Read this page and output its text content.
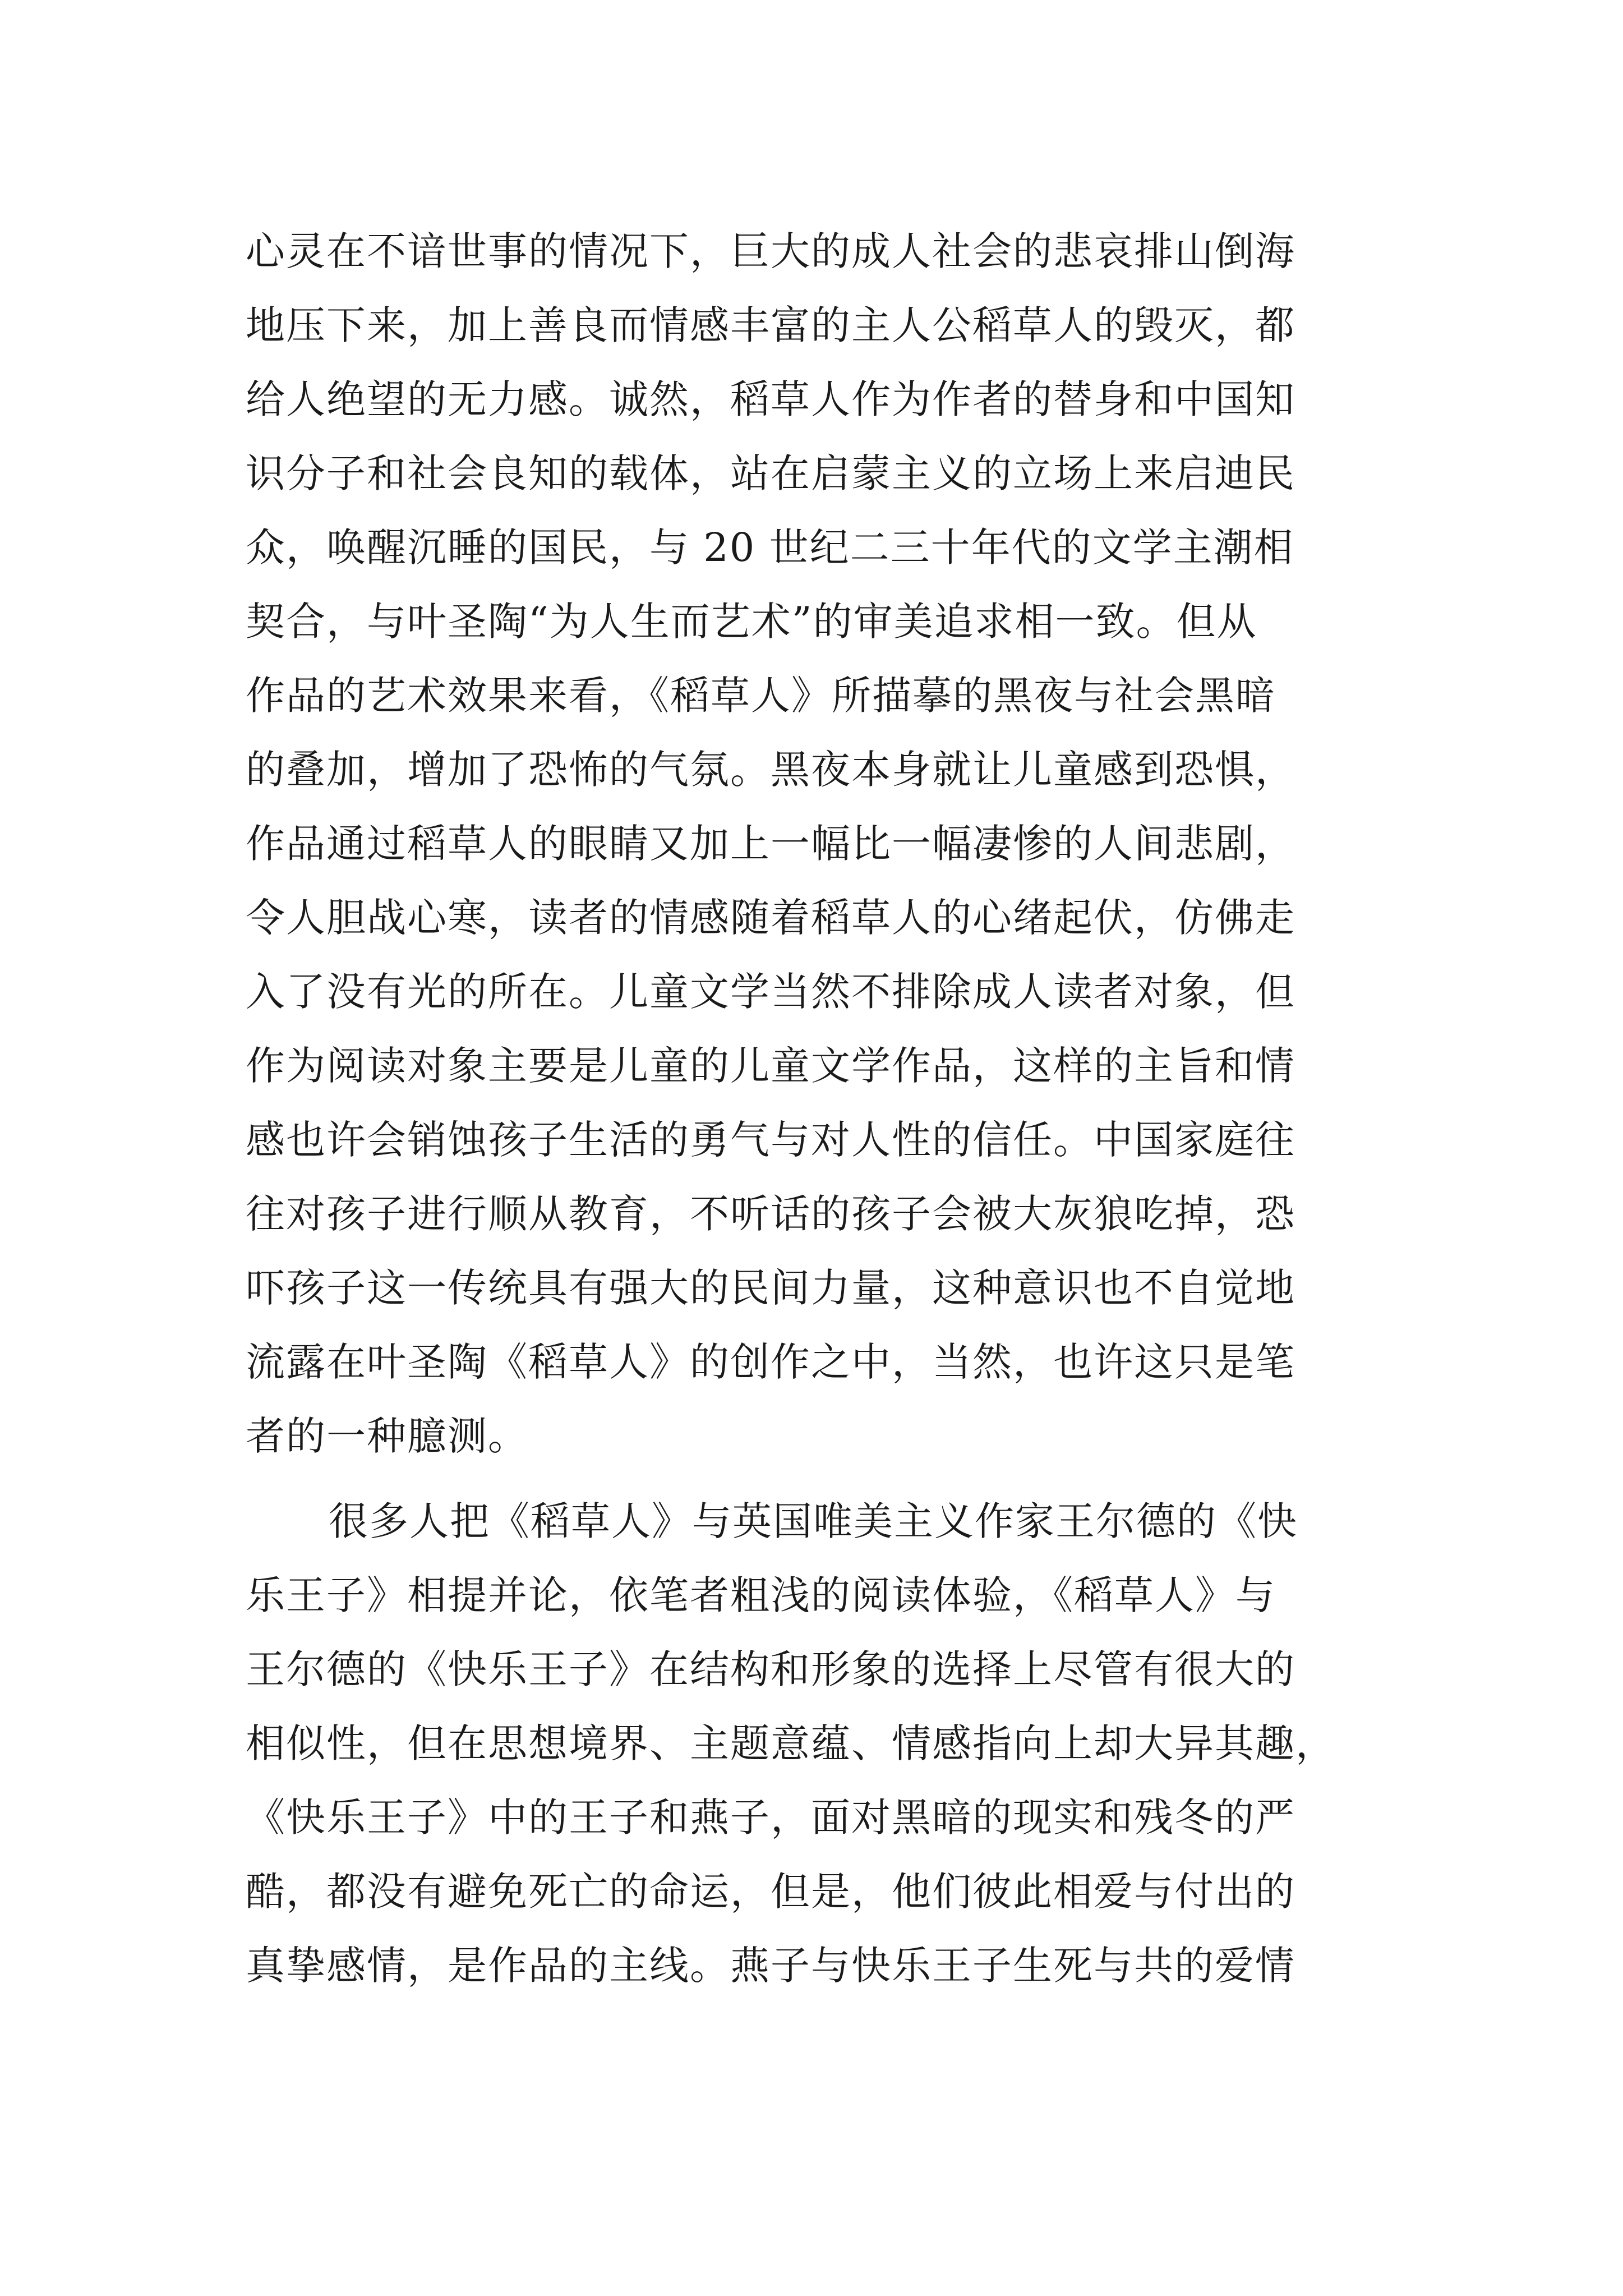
心灵在不谙世事的情况下，巨大的成人社会的悲哀排山倒海
地压下来，加上善良而情感丰富的主人公稻草人的毁灭，都
给人绝望的无力感。诚然，稻草人作为作者的替身和中国知
识分子和社会良知的载体，站在启蒙主义的立场上来启迪民
众，唤醒沉睡的国民，与 20 世纪二三十年代的文学主潮相
契合，与叶圣陶“为人生而艺术”的审美追求相一致。但从
作品的艺术效果来看，《稻草人》所描摹的黑夜与社会黑暗
的叠加，增加了恐怖的气氛。黑夜本身就让儿童感到恐惧，
作品通过稻草人的眼睛又加上一幅比一幅凄惨的人间悲剧，
令人胆战心寒，读者的情感随着稻草人的心绪起伏，仿佛走
入了没有光的所在。儿童文学当然不排除成人读者对象，但
作为阅读对象主要是儿童的儿童文学作品，这样的主旨和情
感也许会销蚀孩子生活的勇气与对人性的信任。中国家庭往
往对孩子进行顺从教育，不听话的孩子会被大灰狼吃掉，恐
吓孩子这一传统具有强大的民间力量，这种意识也不自觉地
流露在叶圣陶《稻草人》的创作之中，当然，也许这只是笔
者的一种臆测。
很多人把《稻草人》与英国唯美主义作家王尔德的《快
乐王子》相提并论，依笔者粗浅的阅读体验，《稻草人》与
王尔德的《快乐王子》在结构和形象的选择上尽管有很大的
相似性，但在思想境界、主题意蕴、情感指向上却大异其趣，
《快乐王子》中的王子和燕子，面对黑暗的现实和残冬的严
酷，都没有避免死亡的命运，但是，他们彼此相爱与付出的
真挚感情，是作品的主线。燕子与快乐王子生死与共的爱情
